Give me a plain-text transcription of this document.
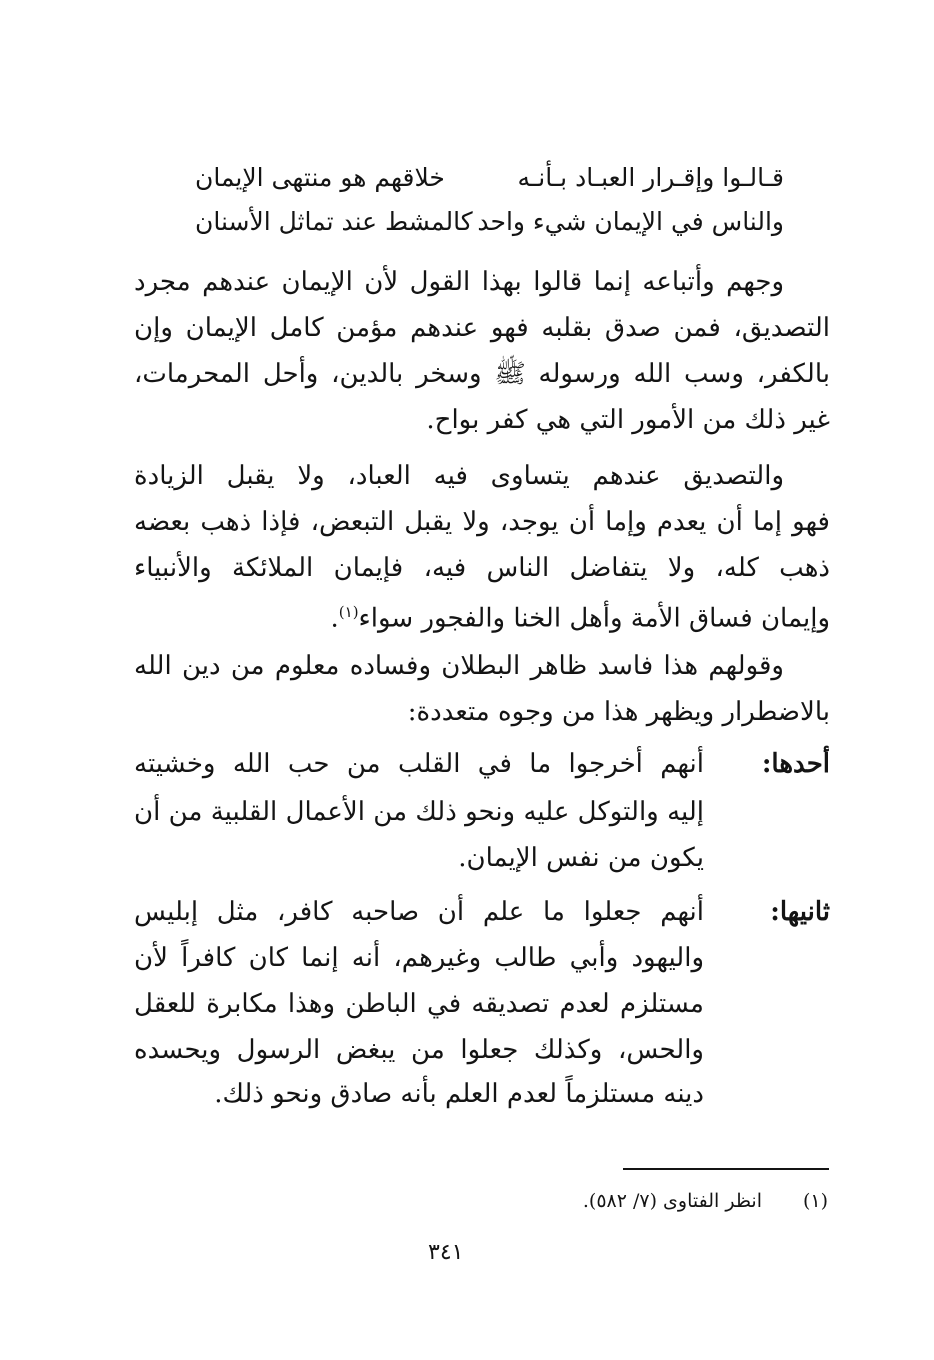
قـالـوا وإقـرار العبـاد بـأنـه
خلاقهم هو منتهى الإيمان
والناس في الإيمان شيء واحد
كالمشط عند تماثل الأسنان
وجهم وأتباعه إنما قالوا بهذا القول لأن الإيمان عندهم مجرد
التصديق، فمن صدق بقلبه فهو عندهم مؤمن كامل الإيمان وإن
بالكفر، وسب الله ورسوله ﷺ وسخر بالدين، وأحل المحرمات،
غير ذلك من الأمور التي هي كفر بواح.
والتصديق عندهم يتساوى فيه العباد، ولا يقبل الزيادة
فهو إما أن يعدم وإما أن يوجد، ولا يقبل التبعض، فإذا ذهب بعضه
ذهب كله، ولا يتفاضل الناس فيه، فإيمان الملائكة والأنبياء
وإيمان فساق الأمة وأهل الخنا والفجور سواء$^{(١)}$.
وقولهم هذا فاسد ظاهر البطلان وفساده معلوم من دين الله
بالاضطرار ويظهر هذا من وجوه متعددة:
أحدها:
أنهم أخرجوا ما في القلب من حب الله وخشيته
إليه والتوكل عليه ونحو ذلك من الأعمال القلبية من أن
يكون من نفس الإيمان.
ثانيها:
أنهم جعلوا ما علم أن صاحبه كافر، مثل إبليس
واليهود وأبي طالب وغيرهم، أنه إنما كان كافراً لأن
مستلزم لعدم تصديقه في الباطن وهذا مكابرة للعقل
والحس، وكذلك جعلوا من يبغض الرسول ويحسده
دينه مستلزماً لعدم العلم بأنه صادق ونحو ذلك.
(١)
انظر الفتاوى (٧/ ٥٨٢).
٣٤١
